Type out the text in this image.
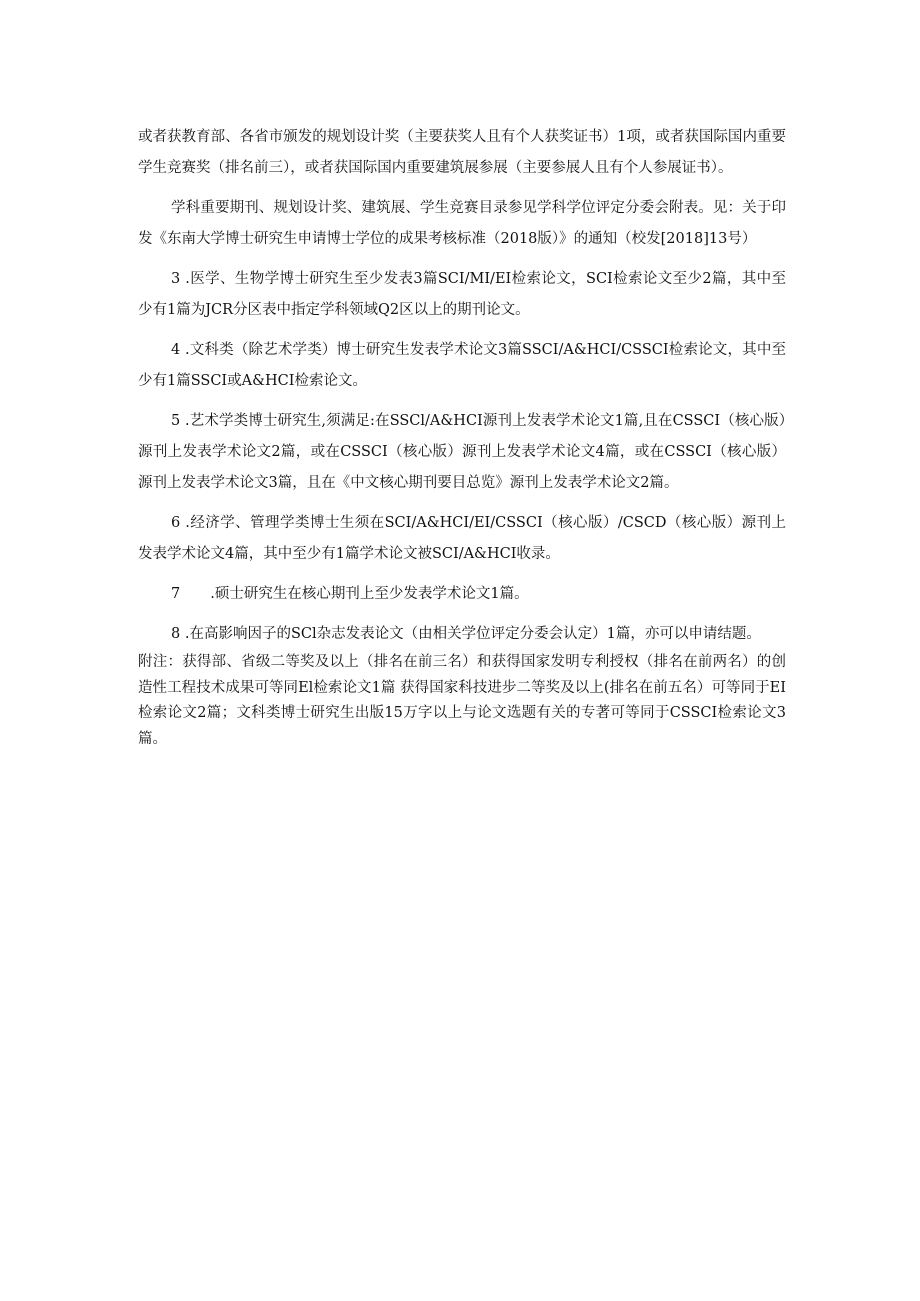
或者获教育部、各省市颁发的规划设计奖（主要获奖人且有个人获奖证书）1项，或者获国际国内重要学生竞赛奖（排名前三），或者获国际国内重要建筑展参展（主要参展人且有个人参展证书）。

学科重要期刊、规划设计奖、建筑展、学生竞赛目录参见学科学位评定分委会附表。见：关于印发《东南大学博士研究生申请博士学位的成果考核标准（2018版）》的通知（校发[2018]13号）

3 .医学、生物学博士研究生至少发表3篇SCI/MI/EI检索论文，SCI检索论文至少2篇，其中至少有1篇为JCR分区表中指定学科领域Q2区以上的期刊论文。

4 .文科类（除艺术学类）博士研究生发表学术论文3篇SSCI/A&HCI/CSSCI检索论文，其中至少有1篇SSCI或A&HCI检索论文。

5 .艺术学类博士研究生,须满足:在SSCl/A&HCI源刊上发表学术论文1篇,且在CSSCI（核心版）源刊上发表学术论文2篇，或在CSSCI（核心版）源刊上发表学术论文4篇，或在CSSCI（核心版）源刊上发表学术论文3篇，且在《中文核心期刊要目总览》源刊上发表学术论文2篇。

6 .经济学、管理学类博士生须在SCI/A&HCI/EI/CSSCI（核心版）/CSCD（核心版）源刊上发表学术论文4篇，其中至少有1篇学术论文被SCI/A&HCI收录。

7 .硕士研究生在核心期刊上至少发表学术论文1篇。

8 .在高影响因子的SCl杂志发表论文（由相关学位评定分委会认定）1篇，亦可以申请结题。

附注：获得部、省级二等奖及以上（排名在前三名）和获得国家发明专利授权（排名在前两名）的创造性工程技术成果可等同El检索论文1篇 获得国家科技进步二等奖及以上(排名在前五名）可等同于EI检索论文2篇；文科类博士研究生出版15万字以上与论文选题有关的专著可等同于CSSCI检索论文3篇。
